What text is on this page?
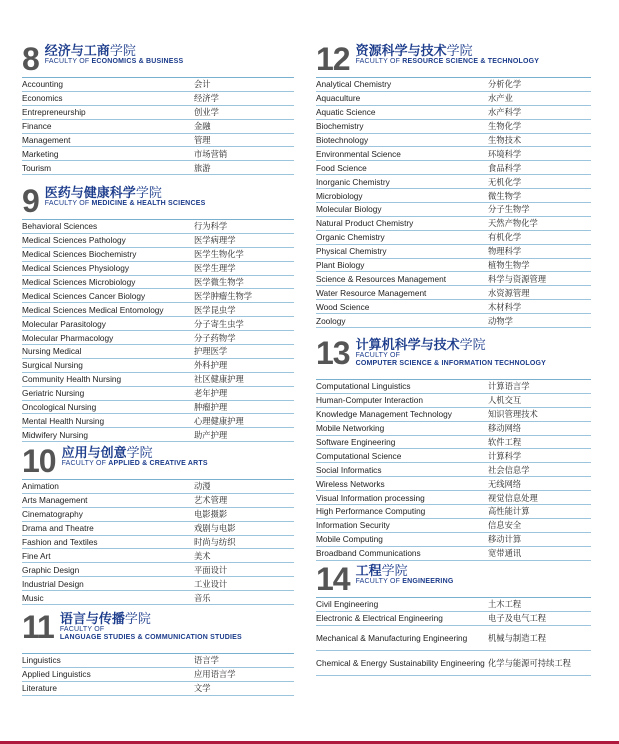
8 经济与工商学院
FACULTY OF ECONOMICS & BUSINESS
Accounting	会计
Economics	经济学
Entrepreneurship	创业学
Finance	金融
Management	管理
Marketing	市场营销
Tourism	旅游
9 医药与健康科学学院
FACULTY OF MEDICINE & HEALTH SCIENCES
Behavioral Sciences	行为科学
Medical Sciences Pathology	医学病理学
Medical Sciences Biochemistry	医学生物化学
Medical Sciences Physiology	医学生理学
Medical Sciences Microbiology	医学微生物学
Medical Sciences Cancer Biology	医学肿瘤生物学
Medical Sciences Medical Entomology	医学昆虫学
Molecular Parasitology	分子寄生虫学
Molecular Pharmacology	分子药物学
Nursing Medical	护理医学
Surgical Nursing	外科护理
Community Health Nursing	社区健康护理
Geriatric Nursing	老年护理
Oncological Nursing	肿瘤护理
Mental Health Nursing	心理健康护理
Midwifery Nursing	助产护理
10 应用与创意学院
FACULTY OF APPLIED & CREATIVE ARTS
Animation	动漫
Arts Management	艺术管理
Cinematography	电影摄影
Drama and Theatre	戏剧与电影
Fashion and Textiles	时尚与纺织
Fine Art	美术
Graphic Design	平面设计
Industrial Design	工业设计
Music	音乐
11 语言与传播学院
FACULTY OF
LANGUAGE STUDIES & COMMUNICATION STUDIES
Linguistics	语言学
Applied Linguistics	应用语言学
Literature	文学
12 资源科学与技术学院
FACULTY OF RESOURCE SCIENCE & TECHNOLOGY
Analytical Chemistry	分析化学
Aquaculture	水产业
Aquatic Science	水产科学
Biochemistry	生物化学
Biotechnology	生物技术
Environmental Science	环境科学
Food Science	食品科学
Inorganic Chemistry	无机化学
Microbiology	微生物学
Molecular Biology	分子生物学
Natural Product Chemistry	天然产物化学
Organic Chemistry	有机化学
Physical Chemistry	物理科学
Plant Biology	植物生物学
Science & Resources Management	科学与资源管理
Water Resource Management	水资源管理
Wood Science	木材科学
Zoology	动物学
13 计算机科学与技术学院
FACULTY OF
COMPUTER SCIENCE & INFORMATION TECHNOLOGY
Computational Linguistics	计算语言学
Human-Computer Interaction	人机交互
Knowledge Management Technology	知识管理技术
Mobile Networking	移动网络
Software Engineering	软件工程
Computational Science	计算科学
Social Informatics	社会信息学
Wireless Networks	无线网络
Visual Information processing	视觉信息处理
High Performance Computing	高性能计算
Information Security	信息安全
Mobile Computing	移动计算
Broadband Communications	宽带通讯
14 工程学院
FACULTY OF ENGINEERING
Civil Engineering	土木工程
Electronic & Electrical Engineering	电子及电气工程
Mechanical & Manufacturing Engineering	机械与制造工程
Chemical & Energy Sustainability Engineering 化学与能源可持续工程
